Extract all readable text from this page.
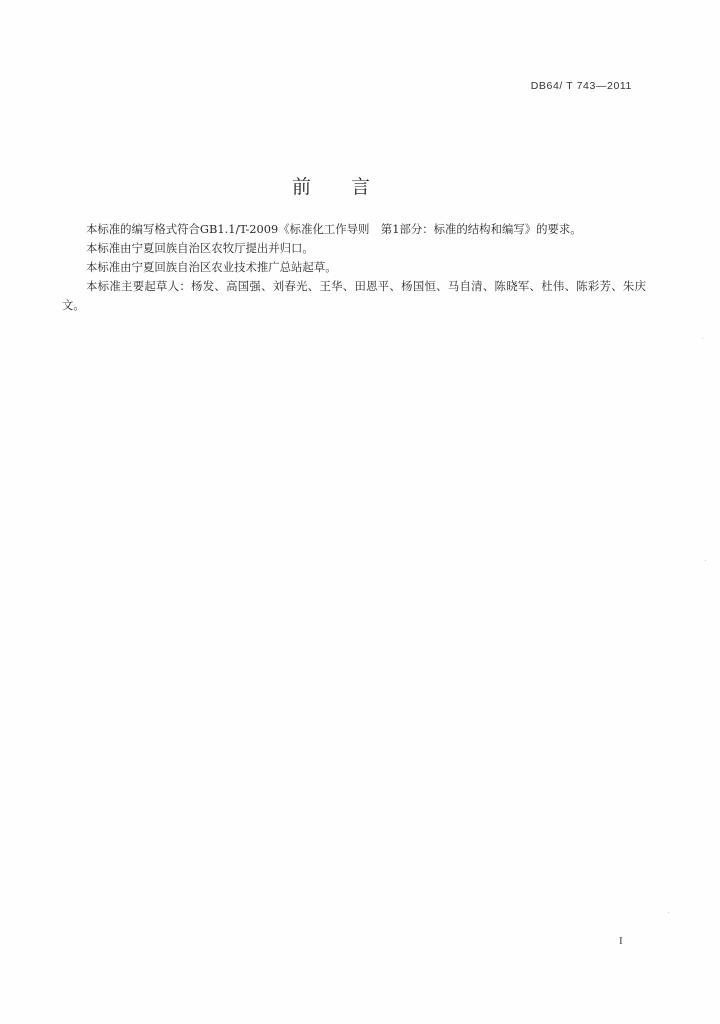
DB64/ T 743—2011
前言

本标准的编写格式符合GB1.1/T-2009《标准化工作导则　第1部分：标准的结构和编写》的要求。

本标准由宁夏回族自治区农牧厅提出并归口。

本标准由宁夏回族自治区农业技术推广总站起草。

本标准主要起草人：杨发、高国强、刘春光、王华、田恩平、杨国恒、马自清、陈晓军、杜伟、陈彩芳、朱庆文。

I
